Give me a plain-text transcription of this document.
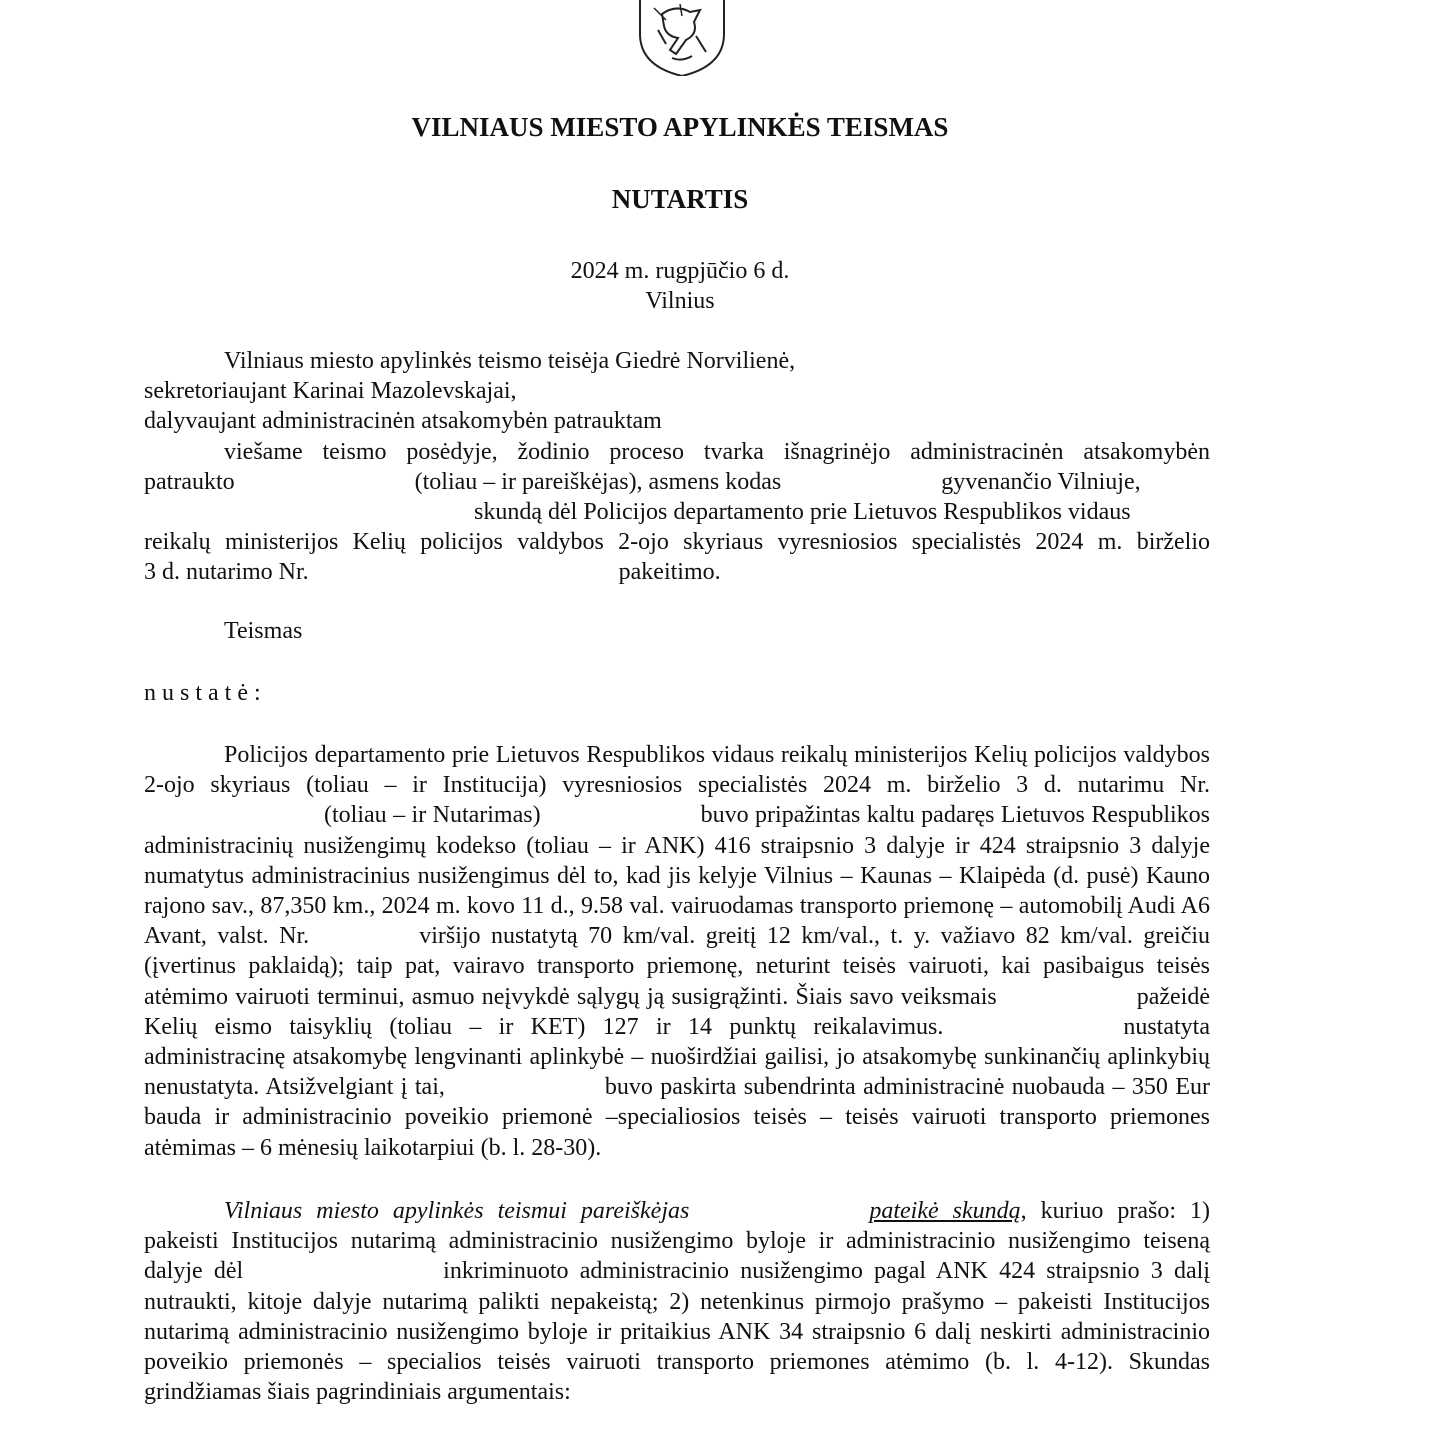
VILNIAUS MIESTO APYLINKĖS TEISMAS
NUTARTIS
2024 m. rugpjūčio 6 d.
Vilnius
Vilniaus miesto apylinkės teismo teisėja Giedrė Norvilienė,
sekretoriaujant Karinai Mazolevskajai,
dalyvaujant administracinėn atsakomybėn patrauktam
viešame teismo posėdyje, žodinio proceso tvarka išnagrinėjo administracinėn atsakomybėn
patraukto	(toliau – ir pareiškėjas), asmens kodas	gyvenančio Vilniuje,
skundą dėl Policijos departamento prie Lietuvos Respublikos vidaus
reikalų ministerijos Kelių policijos valdybos 2-ojo skyriaus vyresniosios specialistės 2024 m. birželio
3 d. nutarimo Nr.	pakeitimo.
Teismas
nustatė:
Policijos departamento prie Lietuvos Respublikos vidaus reikalų ministerijos Kelių policijos valdybos 2-ojo skyriaus (toliau – ir Institucija) vyresniosios specialistės 2024 m. birželio 3 d. nutarimu Nr.(toliau – ir Nutarimas)	buvo pripažintas kaltu padaręs Lietuvos Respublikos administracinių nusižengimų kodekso (toliau – ir ANK) 416 straipsnio 3 dalyje ir 424 straipsnio 3 dalyje numatytus administracinius nusižengimus dėl to, kad jis kelyje Vilnius – Kaunas – Klaipėda (d. pusė) Kauno rajono sav., 87,350 km., 2024 m. kovo 11 d., 9.58 val. vairuodamas transporto priemonę – automobilį Audi A6 Avant, valst. Nr.	viršijo nustatytą 70 km/val. greitį 12 km/val., t. y. važiavo 82 km/val. greičiu (įvertinus paklaidą); taip pat, vairavo transporto priemonę, neturint teisės vairuoti, kai pasibaigus teisės atėmimo vairuoti terminui, asmuo neįvykdė sąlygų ją susigrąžinti. Šiais savo veiksmais	pažeidė Kelių eismo taisyklių (toliau – ir KET) 127 ir 14 punktų reikalavimus.	nustatyta administracinę atsakomybę lengvinanti aplinkybė – nuoširdžiai gailisi, jo atsakomybę sunkinančių aplinkybių nenustatyta. Atsižvelgiant į tai,	buvo paskirta subendrinta administracinė nuobauda – 350 Eur bauda ir administracinio poveikio priemonė –specialiosios teisės – teisės vairuoti transporto priemones atėmimas – 6 mėnesių laikotarpiui (b. l. 28-30).
Vilniaus miesto apylinkės teismui pareiškėjas	pateikė skundą, kuriuo prašo: 1) pakeisti Institucijos nutarimą administracinio nusižengimo byloje ir administracinio nusižengimo teiseną dalyje dėl	inkriminuoto administracinio nusižengimo pagal ANK 424 straipsnio 3 dalį nutraukti, kitoje dalyje nutarimą palikti nepakeistą; 2) netenkinus pirmojo prašymo – pakeisti Institucijos nutarimą administracinio nusižengimo byloje ir pritaikius ANK 34 straipsnio 6 dalį neskirti administracinio poveikio priemonės – specialios teisės vairuoti transporto priemones atėmimo (b. l. 4-12). Skundas grindžiamas šiais pagrindiniais argumentais:
